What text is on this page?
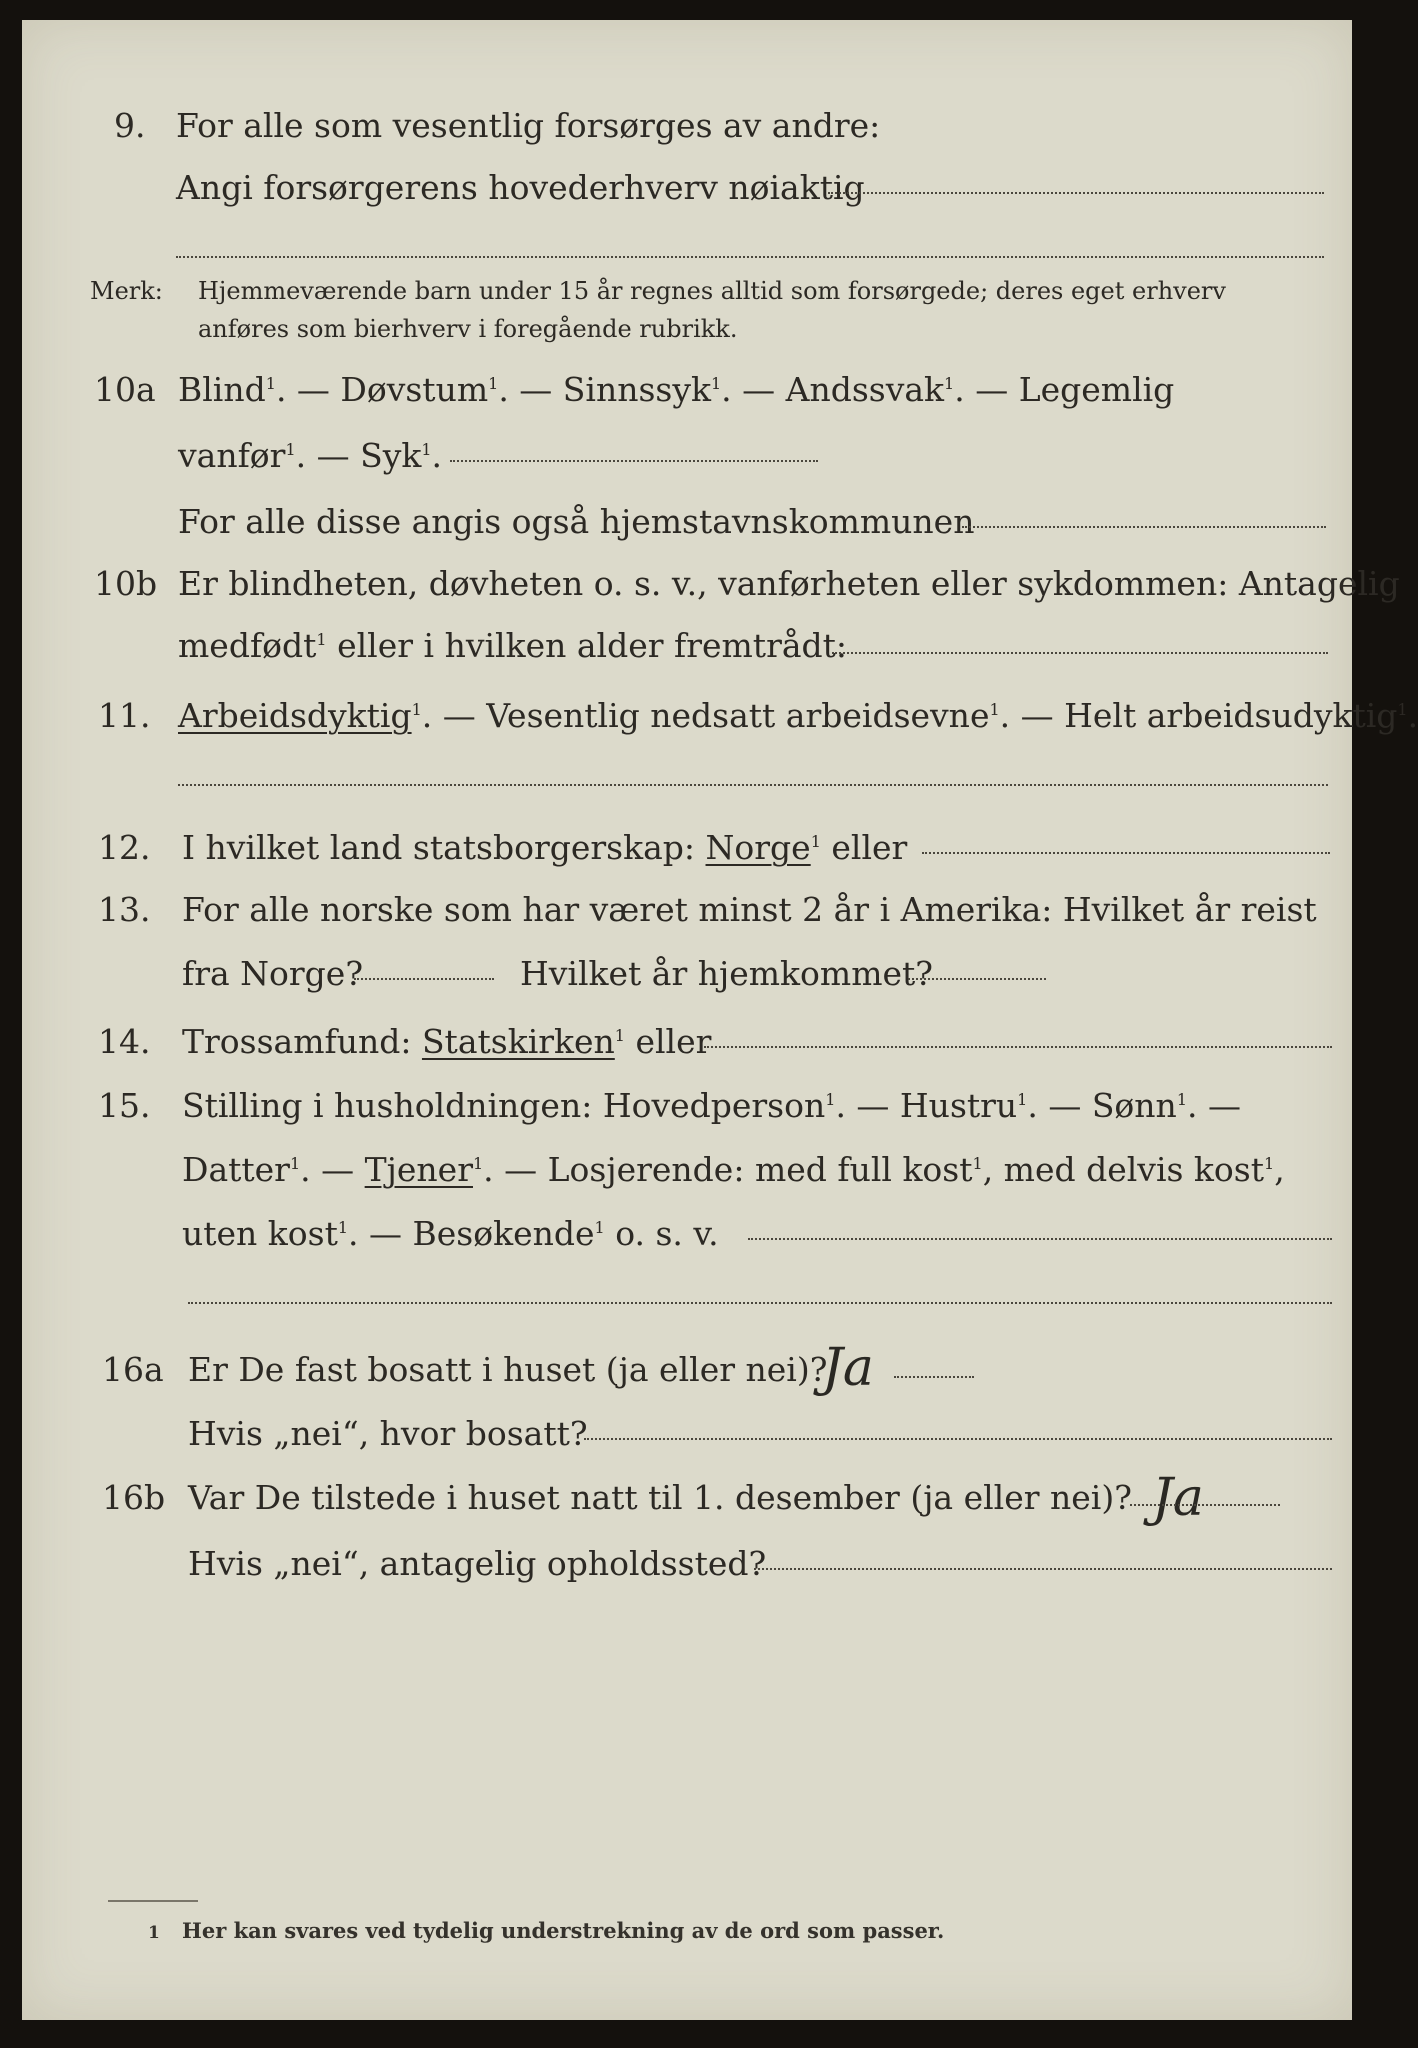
9. For alle som vesentlig forsørges av andre:
Angi forsørgerens hovederhverv nøiaktig
Merk: Hjemmeværende barn under 15 år regnes alltid som forsørgede; deres eget erhverv
anføres som bierhverv i foregående rubrikk.
10a Blind$^1$. — Døvstum$^1$. — Sinnssyk$^1$. — Andssvak$^1$. — Legemlig
vanfør$^1$. — Syk$^1$.
For alle disse angis også hjemstavnskommunen
10b Er blindheten, døvheten o. s. v., vanførheten eller sykdommen: Antagelig
medfødt$^1$ eller i hvilken alder fremtrådt:
11. Arbeidsdyktig$^1$. — Vesentlig nedsatt arbeidsevne$^1$. — Helt arbeidsudyktig$^1$.
12. I hvilket land statsborgerskap: Norge$^1$ eller
13. For alle norske som har været minst 2 år i Amerika: Hvilket år reist
fra Norge?	Hvilket år hjemkommet?
14. Trossamfund: Statskirken$^1$ eller
15. Stilling i husholdningen: Hovedperson$^1$. — Hustru$^1$. — Sønn$^1$. —
Datter$^1$. — Tjener$^1$. — Losjerende: med full kost$^1$, med delvis kost$^1$,
uten kost$^1$. — Besøkende$^1$ o. s. v.
16a Er De fast bosatt i huset (ja eller nei)?
Ja
Hvis „nei“, hvor bosatt?
16b Var De tilstede i huset natt til 1. desember (ja eller nei)? Ja
Hvis „nei“, antagelig opholdssted?
1 Her kan svares ved tydelig understrekning av de ord som passer.
